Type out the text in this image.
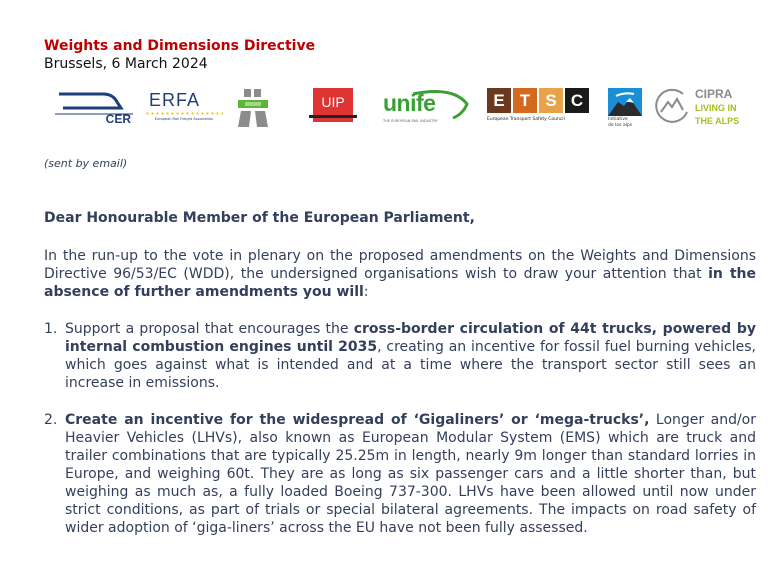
Weights and Dimensions Directive
Brussels, 6 March 2024
CER
ERFA
European Rail Freight Association
UIP	unife
THE EUROPEAN RAIL INDUSTRY
E T S C
European Transport Safety Council	Initiative
de las alps
CIPRA
LIVING IN
THE ALPS
(sent by email)
Dear Honourable Member of the European Parliament,

In the run-up to the vote in plenary on the proposed amendments on the Weights and Dimensions Directive 96/53/EC (WDD), the undersigned organisations wish to draw your attention that in the absence of further amendments you will:

1. Support a proposal that encourages the cross-border circulation of 44t trucks, powered by internal combustion engines until 2035, creating an incentive for fossil fuel burning vehicles, which goes against what is intended and at a time where the transport sector still sees an increase in emissions.
2. Create an incentive for the widespread of ‘Gigaliners’ or ‘mega-trucks’, Longer and/or Heavier Vehicles (LHVs), also known as European Modular System (EMS) which are truck and trailer combinations that are typically 25.25m in length, nearly 9m longer than standard lorries in Europe, and weighing 60t. They are as long as six passenger cars and a little shorter than, but weighing as much as, a fully loaded Boeing 737-300. LHVs have been allowed until now under strict conditions, as part of trials or special bilateral agreements. The impacts on road safety of wider adoption of ‘giga-liners’ across the EU have not been fully assessed.
